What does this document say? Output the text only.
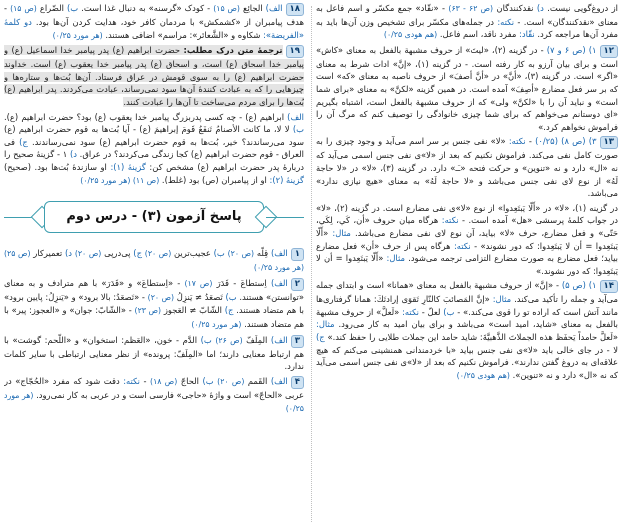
از دروغ‌گویی نیست. ‌‌د) نقدکنندگان (ص ۶۲ - ۶۳) - «نقّاد» جمع مکسّر و اسم فاعل به معنای «نقدکنندگان» است. - نکته: در جمله‌های مکسّر برای تشخیص وزن آن‌ها باید به مفرد آن‌ها مراجعه کرد. نقّاد: مفرد ناقد، اسم فاعل. (هم هودی ۰/۲۵)

۱۲۱) (ص ۶ و ۷) - در گزینه (۲)، «لیتَ» از حروف مشبهة بالفعل به معنای «کاش» است و برای بیان آرزو به کار رفته است. - در گزینه (۱)، «إنَّ» ادات شرط به معنای «اگر» است. در گزینه (۳)، «أنَّ» در «أنَّ أصفَ» از حروف ناصبه به معنای «که» است که بر سر فعل مضارع «أصِفَ» آمده است. در همین گزینه «لکنَّ» به معنای «برای شما است» و نباید آن را با «لکنَّ» ولی» که از حروف مشبهة بالفعل است، اشتباه بگیریم «ای دوستانم می‌خواهم که برای شما چیزی خانوادگی را توصیف کنم که مرگ آن را فراموش نخواهم کرد.»

۱۳۳) (ص ۸) (۰/۲۵) - نکته: «لا» نفی جنس بر سر اسم می‌آید و وجود چیزی را به صورت کامل نفی می‌کند. فراموش نکنیم که بعد از «لا»ی نفی جنس اسمی می‌آید که نه «ال» دارد و نه «تنوین» و حرکت فتحه «ـَـ» دارد. در گزینه (۳)، «لا» در «لا حاجة لَهُ» از نوع لای نفی جنس می‌باشد و «لا حاجة لَهُ» به معنای «هیچ نیازی ندارد» می‌باشد.

در گزینه (۱)، «لا» در «أَلّا یَبتَعِدوا» از نوع «لا»ی نفی مضارع است. در گزینه (۲)، «لا» در جواب کلمهٔ پرسشی «هل» آمده است. - نکته: هرگاه میان حروف «أن، کَي، لِکَي، حَتّی» و فعل مضارع، حرف «لا» بیاید، آن نوع لای نفی مضارع می‌باشد. مثال: «أَلّا یَبتَعِدوا = أن لا یَبتَعِدوا: که دور نشوند» - نکته: هرگاه پس از حرف «أن» فعل مضارع بیاید؛ فعل مضارع به صورت مضارع التزامی ترجمه می‌شود. مثال: «أَلّا یَبتَعِدوا = أن لا یَبتَعِدوا: که دور نشوند.»

۱۴۱) (ص ۵) - «إنَّ» از حروف مشبهة بالفعل به معنای «همانا» است و ابتدای جمله می‌آید و جمله را تأکید می‌کند. مثال: «إنَّ المَصائبَ کالنّارِ تَقوَی إرادتَكَ: همانا گرفتاری‌ها مانند آتش است که اراده تو را قوی می‌کند.» - ب) لعلّ - نکته: «لَعلَّ» از حروف مشبهة بالفعل به معنای «شاید، امید است» می‌باشد و برای بیان امید به کار می‌رود. مثال: «لَعلَّ حامداً یَحفَظ هذه الجملاتَ الذَّهبیَّةَ: شاید حامد این جملات طلایی را حفظ کند.» ج) لا - در جای خالی باید «لا»ی نفی جنس بیاید «با خردمندانی همنشینی می‌کنم که هیچ علاقه‌ای به دروغ گفتن ندارند». فراموش نکنیم که بعد از «لا»ی نفی جنس اسمی می‌آید که نه «ال» دارد و نه «تنوین». (هم هودی ۰/۲۵)

۱۸الف) الجائِع (ص ۱۵) - کودک «گرسنه» به دنبال غذا است. ب) الضّراع (ص ۱۵) - هدف پیامبران از «کشمکش» با مردمان کافر خود، هدایت کردن آن‌ها بود. دو کلمهٔ «الفریضة»: شکاوه و «الشَّعائر»: مراسم» اضافی هستند. (هر مورد ۰/۲۵)

۱۹ترجمهٔ متن درک مطلب: حضرت ابراهیم (ع) پدر پیامبر خدا اسماعیل (ع) و پیامبر خدا اسحاق (ع) است، و اسحاق (ع) پدر پیامبر خدا یعقوب (ع) است. خداوند حضرت ابراهیم (ع) را به سوی قومش در عراق فرستاد. آن‌ها بُت‌ها و ستاره‌ها و چیزهایی را که به عبادت کنندهٔ آن‌ها سود نمی‌رساند، عبادت می‌کردند. پدر ابراهیم (ع) بُت‌ها را برای مردم می‌ساخت تا آن‌ها را عبادت کنند.

الف) ابراهیم (ع) - چه کسی پدربزرگ پیامبر خدا یعقوب (ع) بود؟ حضرت ابراهیم (ع). ب) لا لا، ما کانت الأصنامُ تَنفَعُ قَومَ إبراهیمَ (ع) - آیا بُت‌ها به قوم حضرت ابراهیم (ع) سود می‌رساندند؟ خیر، بُت‌ها به قوم حضرت ابراهیم (ع) سود نمی‌رساندند. ج) فی العراق - قوم حضرت ابراهیم (ع) کجا زندگی می‌کردند؟ در عراق. د) ۱ - گزینهٔ صحیح را دربارهٔ پدر حضرت ابراهیم (ع) مشخص کن: گزینهٔ (۱): او سازندهٔ بُت‌ها بود. (صحیح) گزینهٔ (۲): او از پیامبران (ص) بود (غلط). (ص ۱۱) (هر مورد ۰/۲۵)

پاسخ آزمون (۳) - درس دوم

۱الف) قِلّه (ص ۲۰) ب) عجیب‌ترین (ص ۲۰) ج) پی‌درپی (ص ۲۰) د) تعمیرکار (ص ۲۵) (هر مورد ۰/۲۵)

۲الف) اِستطاعَ - قَدَرَ (ص ۱۷) - «اِستطاعَ» و «قَدَرَ» با هم مترادف و به معنای «توانستن» هستند. ب) تَصعَدُ ≠ یَنزِلُ (ص ۲۰) - «تَصعَدُ: بالا برود» و «یَنزِلُ: پایین برود» با هم متضاد هستند. ج) الشّابّ ≠ العَجوز (ص ۲۳) - «الشّابّ: جوان» و «العجوز: پیر» با هم متضاد هستند. (هر مورد ۰/۲۵)

۳الف) المِلَفّ (ص ۲۶) ب) الدَّم - خون، «العَظم: استخوان» و «اللّحم: گوشت» با هم ارتباط معنایی دارند؛ اما «المِلَفّ: پرونده» از نظر معنایی ارتباطی با سایر کلمات ندارد.

۴الف) القَمم (ص ۲۰) ب) الحاجّ (ص ۱۸) - نکته: دقت شود که مفرد «الحُجّاج» در عربی «الحاجّ» است و واژهٔ «حاجی» فارسی است و در عربی به کار نمی‌رود. (هر مورد ۰/۲۵)
